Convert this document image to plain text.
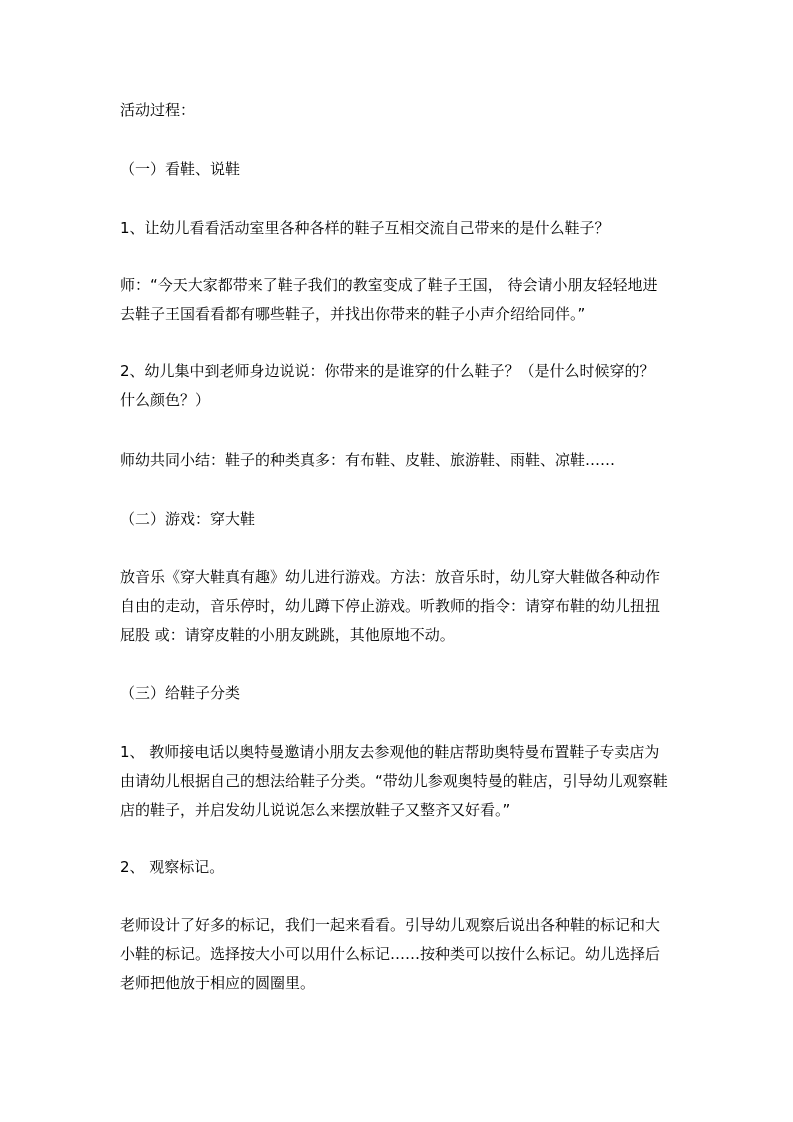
活动过程：

（一）看鞋、说鞋

1、让幼儿看看活动室里各种各样的鞋子互相交流自己带来的是什么鞋子？

师：“今天大家都带来了鞋子我们的教室变成了鞋子王国， 待会请小朋友轻轻地进
去鞋子王国看看都有哪些鞋子，并找出你带来的鞋子小声介绍给同伴。”

2、幼儿集中到老师身边说说：你带来的是谁穿的什么鞋子？（是什么时候穿的？
什么颜色？）

师幼共同小结：鞋子的种类真多：有布鞋、皮鞋、旅游鞋、雨鞋、凉鞋……

（二）游戏：穿大鞋

放音乐《穿大鞋真有趣》幼儿进行游戏。方法：放音乐时，幼儿穿大鞋做各种动作
自由的走动，音乐停时，幼儿蹲下停止游戏。听教师的指令：请穿布鞋的幼儿扭扭
屁股 或：请穿皮鞋的小朋友跳跳，其他原地不动。

（三）给鞋子分类

1、 教师接电话以奥特曼邀请小朋友去参观他的鞋店帮助奥特曼布置鞋子专卖店为
由请幼儿根据自己的想法给鞋子分类。“带幼儿参观奥特曼的鞋店，引导幼儿观察鞋
店的鞋子，并启发幼儿说说怎么来摆放鞋子又整齐又好看。”

2、 观察标记。

老师设计了好多的标记，我们一起来看看。引导幼儿观察后说出各种鞋的标记和大
小鞋的标记。选择按大小可以用什么标记……按种类可以按什么标记。幼儿选择后
老师把他放于相应的圆圈里。
